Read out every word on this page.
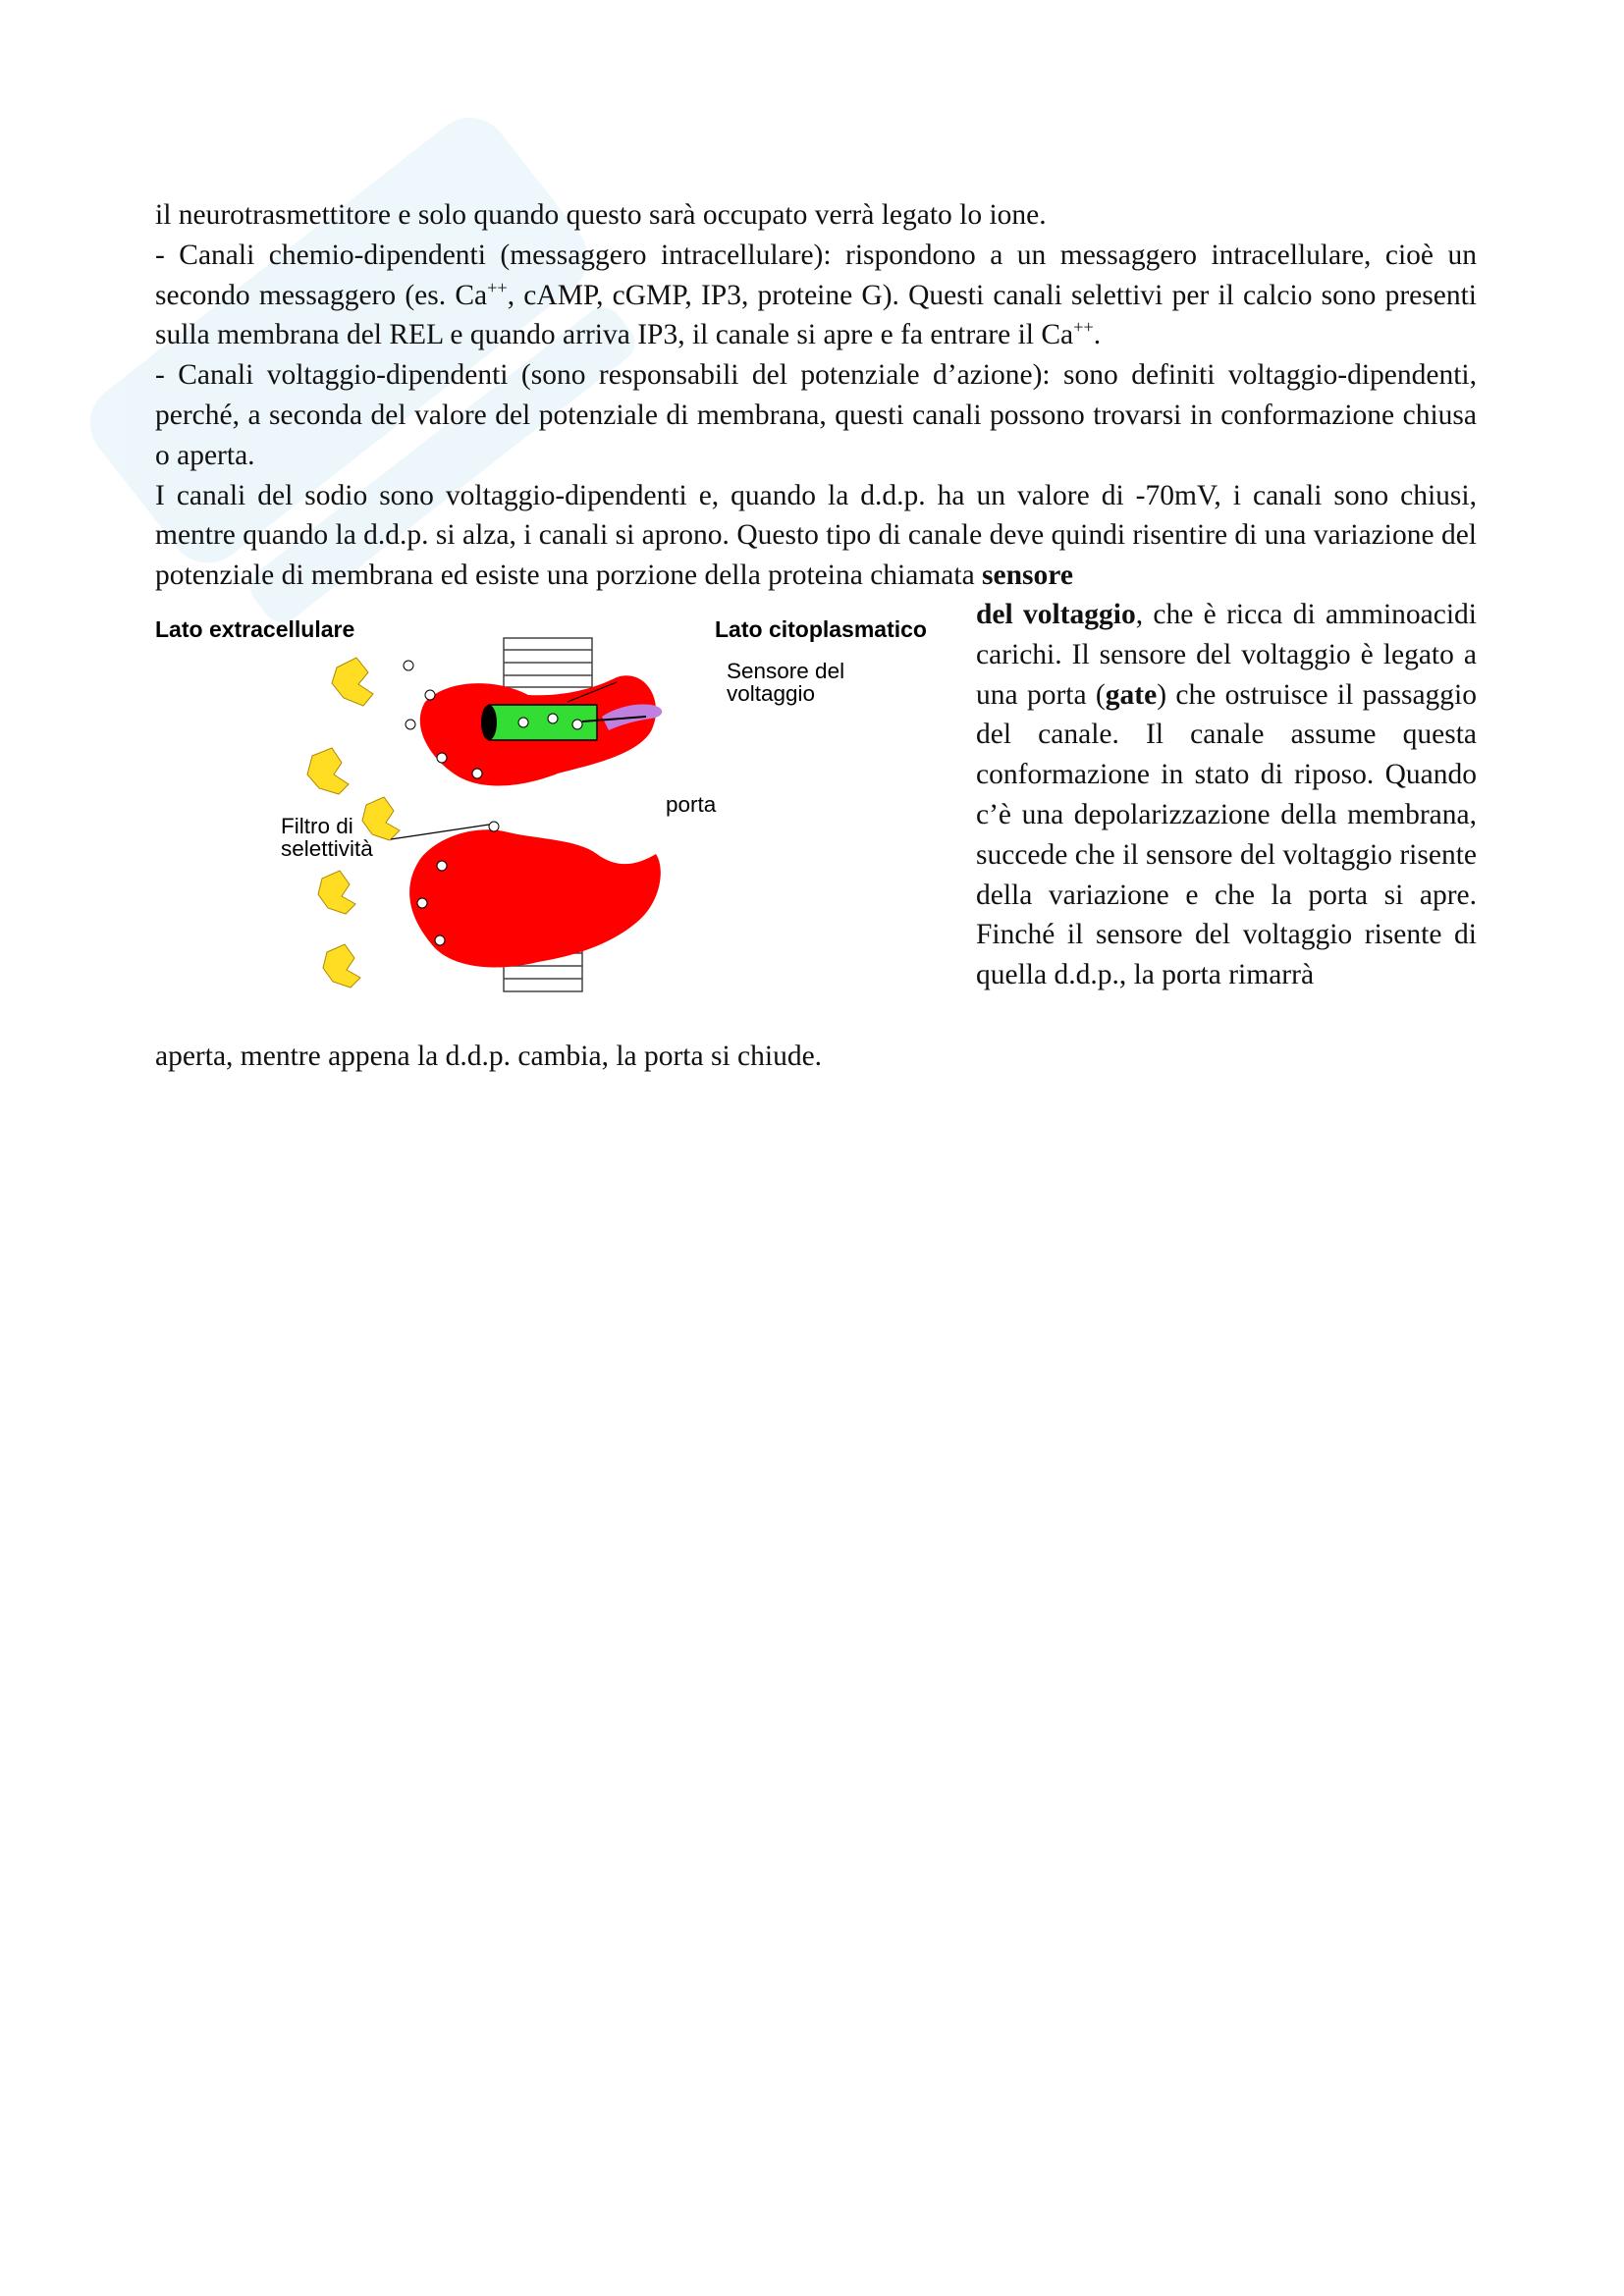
il neurotrasmettitore e solo quando questo sarà occupato verrà legato lo ione.

- Canali chemio-dipendenti (messaggero intracellulare): rispondono a un messaggero intracellulare, cioè un secondo messaggero (es. Ca++, cAMP, cGMP, IP3, proteine G). Questi canali selettivi per il calcio sono presenti sulla membrana del REL e quando arriva IP3, il canale si apre e fa entrare il Ca++.

- Canali voltaggio-dipendenti (sono responsabili del potenziale d’azione): sono definiti voltaggio-dipendenti, perché, a seconda del valore del potenziale di membrana, questi canali possono trovarsi in conformazione chiusa o aperta.

I canali del sodio sono voltaggio-dipendenti e, quando la d.d.p. ha un valore di -70mV, i canali sono chiusi, mentre quando la d.d.p. si alza, i canali si aprono. Questo tipo di canale deve quindi risentire di una variazione del potenziale di membrana ed esiste una porzione della proteina chiamata sensore

Lato extracellulare	Lato citoplasmatico
Sensore del
voltaggio
porta
Filtro di
selettività

del voltaggio, che è ricca di amminoacidi carichi. Il sensore del voltaggio è legato a una porta (gate) che ostruisce il passaggio del canale. Il canale assume questa conformazione in stato di riposo. Quando c’è una depolarizzazione della membrana, succede che il sensore del voltaggio risente della variazione e che la porta si apre. Finché il sensore del voltaggio risente di quella d.d.p., la porta rimarrà

aperta, mentre appena la d.d.p. cambia, la porta si chiude.
